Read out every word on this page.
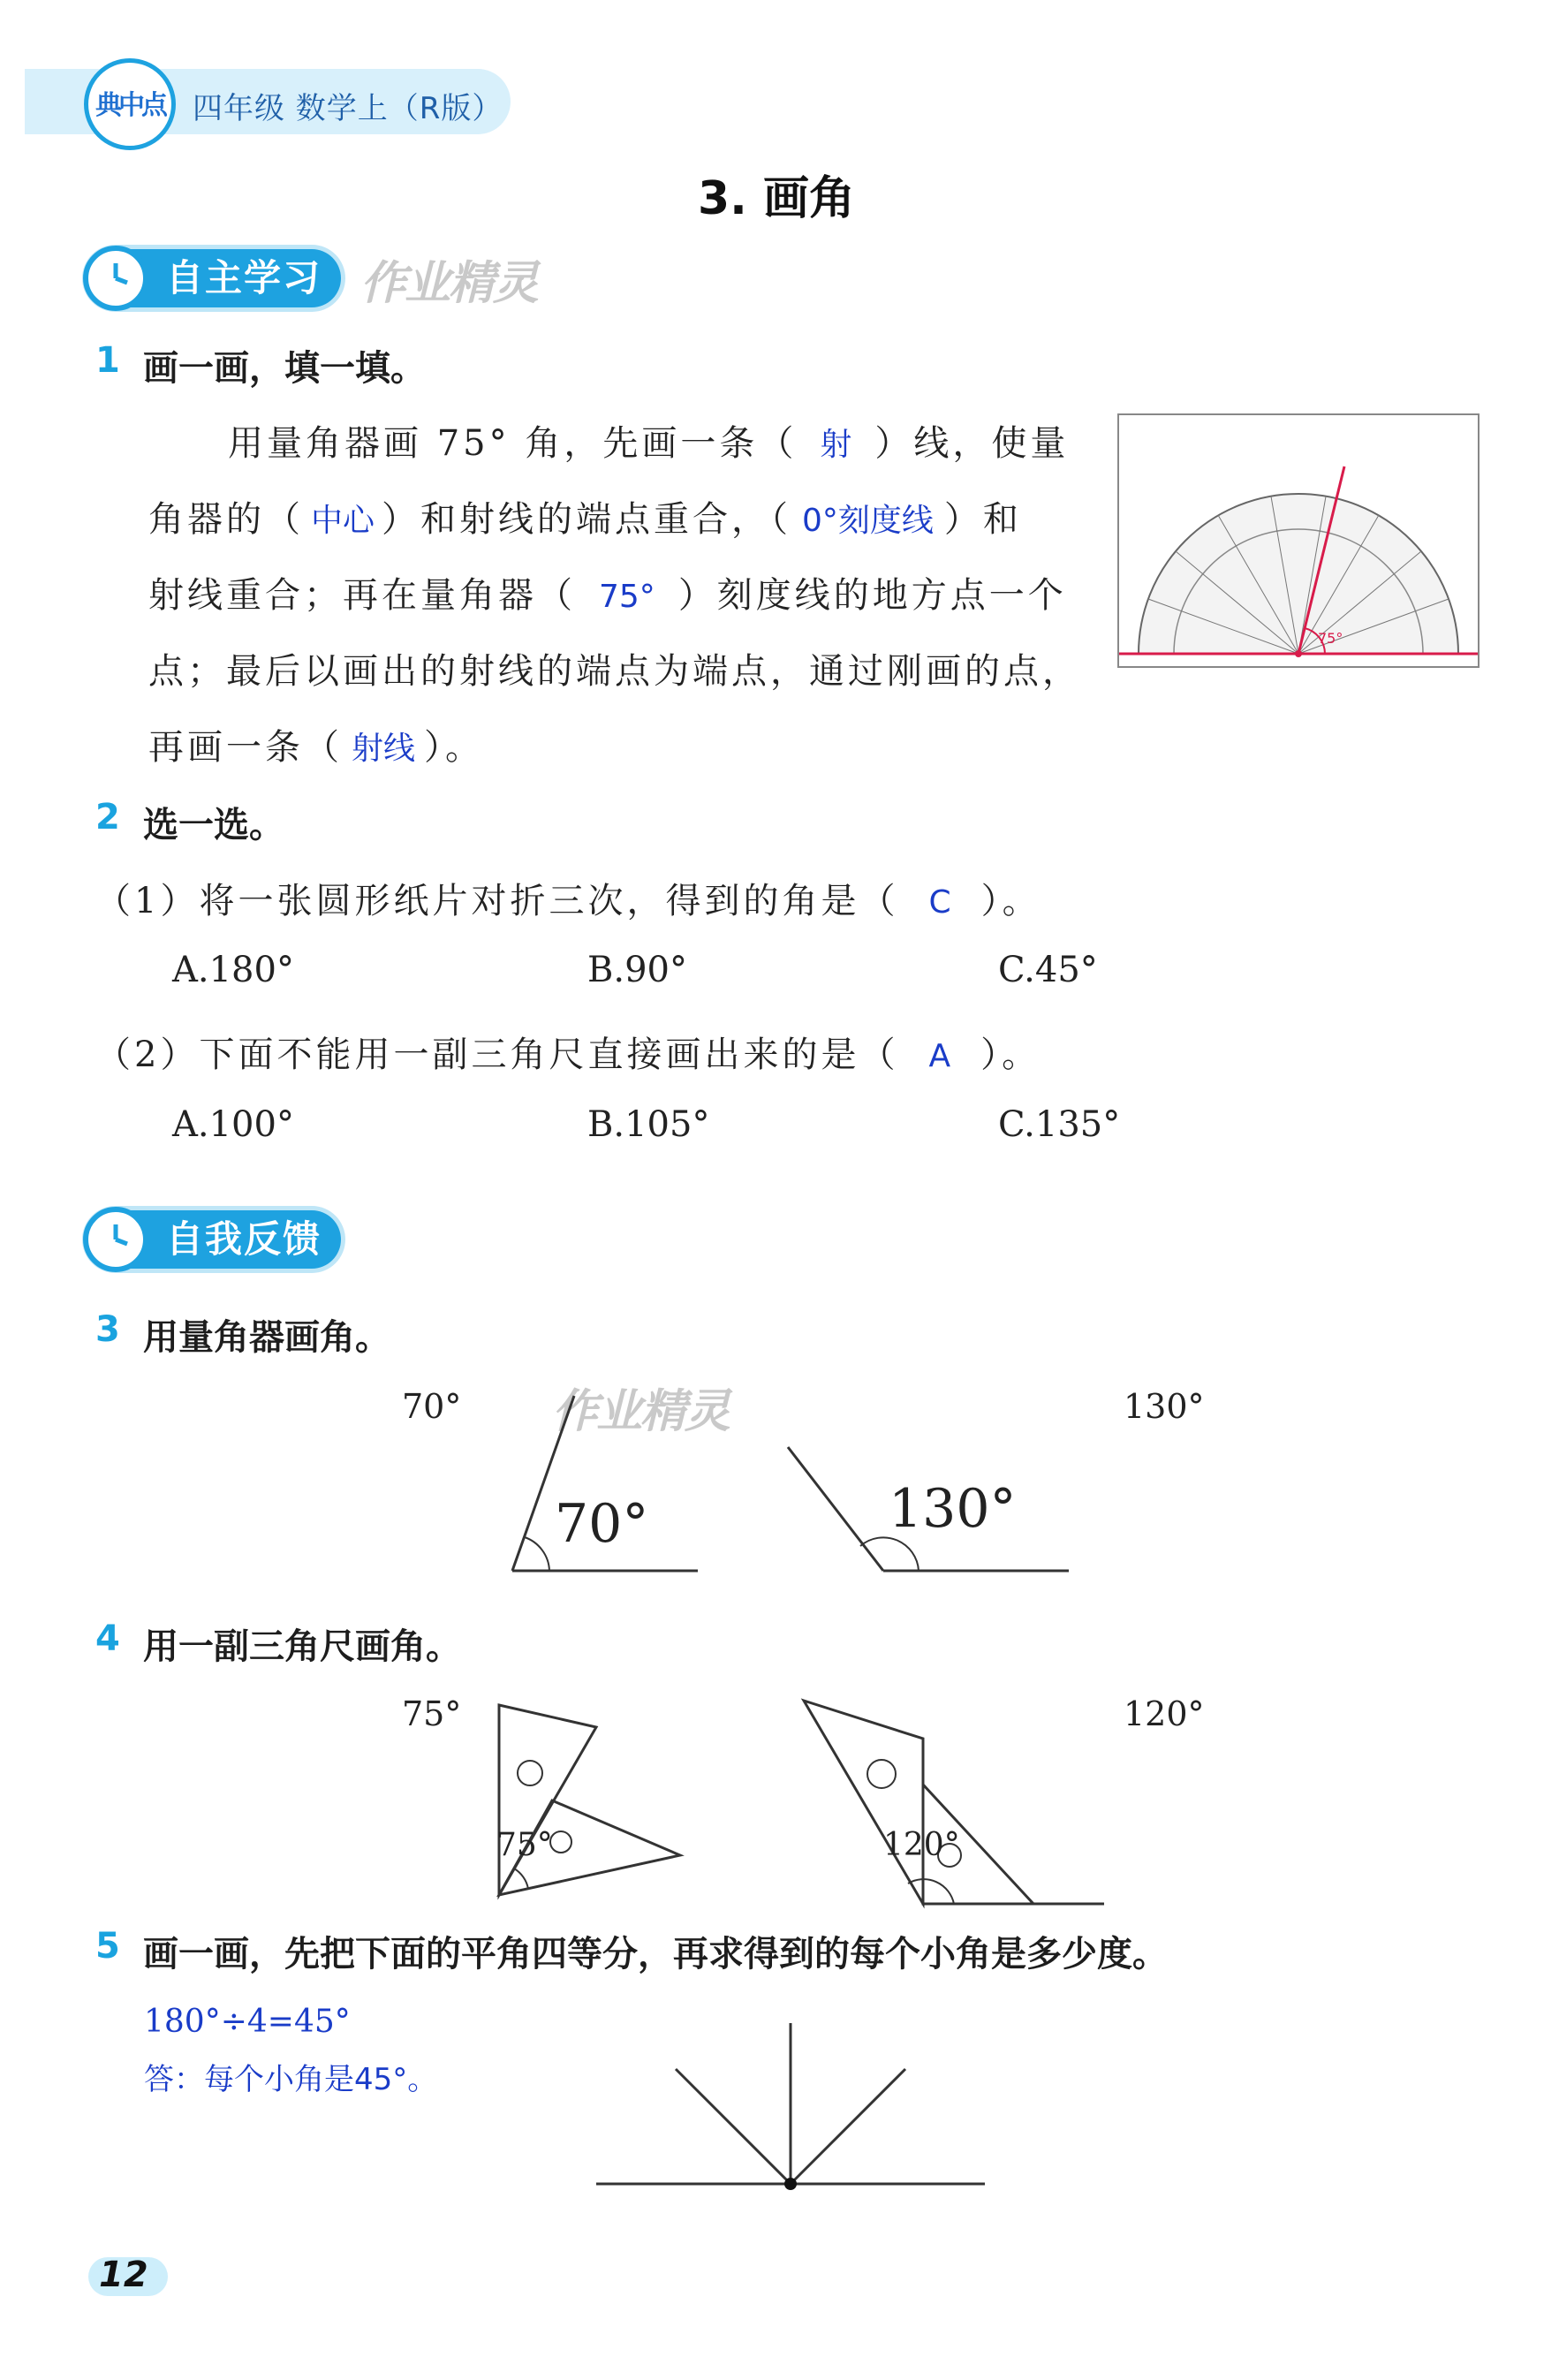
典中点 四年级 数学上（R版）
3. 画角
自主学习 作业精灵
1 画一画，填一填。
用量角器画 75° 角，先画一条（ 射 ）线，使量
角器的（ 中心 ）和射线的端点重合，（ 0°刻度线 ）和
射线重合；再在量角器（ 75° ）刻度线的地方点一个
点；最后以画出的射线的端点为端点，通过刚画的点，
再画一条（ 射线 ）。
75°
2 选一选。
（1）将一张圆形纸片对折三次，得到的角是（ C ）。
A.180°	B.90°	C.45°
（2）下面不能用一副三角尺直接画出来的是（ A ）。
A.100°	B.105°	C.135°
自我反馈
3 用量角器画角。
70°	130°
作业精灵
70°	130°
4 用一副三角尺画角。
75°	120°
75°	120°
5 画一画，先把下面的平角四等分，再求得到的每个小角是多少度。
180°÷4=45°
答：每个小角是45°。
12
